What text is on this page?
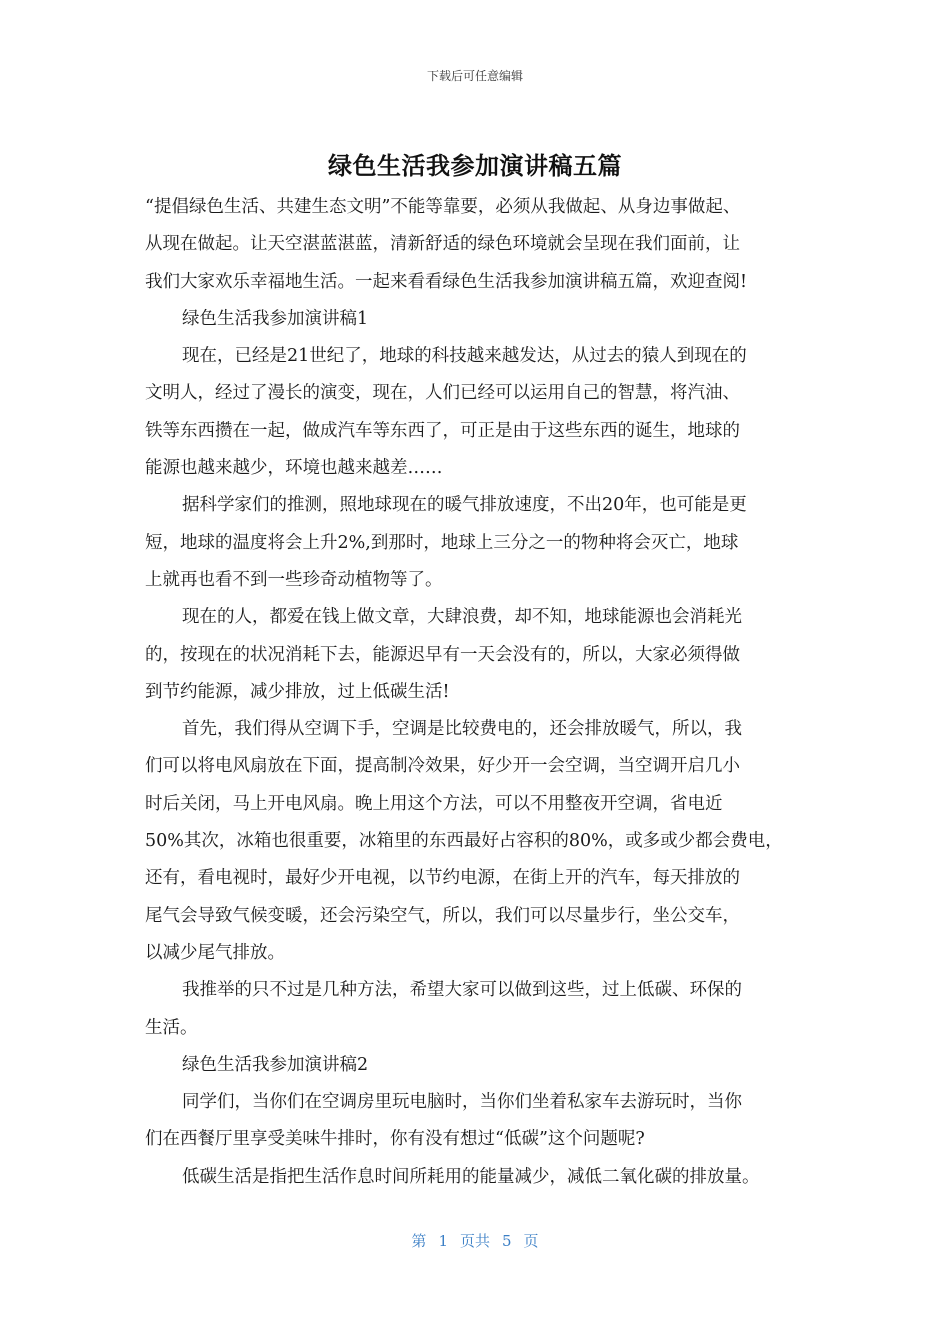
下载后可任意编辑
绿色生活我参加演讲稿五篇
“提倡绿色生活、共建生态文明”不能等靠要，必须从我做起、从身边事做起、
从现在做起。让天空湛蓝湛蓝，清新舒适的绿色环境就会呈现在我们面前，让
我们大家欢乐幸福地生活。一起来看看绿色生活我参加演讲稿五篇，欢迎查阅!
绿色生活我参加演讲稿1
现在，已经是21世纪了，地球的科技越来越发达，从过去的猿人到现在的
文明人，经过了漫长的演变，现在，人们已经可以运用自己的智慧，将汽油、
铁等东西攒在一起，做成汽车等东西了，可正是由于这些东西的诞生，地球的
能源也越来越少，环境也越来越差……
据科学家们的推测，照地球现在的暖气排放速度，不出20年，也可能是更
短，地球的温度将会上升2%,到那时，地球上三分之一的物种将会灭亡，地球
上就再也看不到一些珍奇动植物等了。
现在的人，都爱在钱上做文章，大肆浪费，却不知，地球能源也会消耗光
的，按现在的状况消耗下去，能源迟早有一天会没有的，所以，大家必须得做
到节约能源，减少排放，过上低碳生活!
首先，我们得从空调下手，空调是比较费电的，还会排放暖气，所以，我
们可以将电风扇放在下面，提高制冷效果，好少开一会空调，当空调开启几小
时后关闭，马上开电风扇。晚上用这个方法，可以不用整夜开空调，省电近
50%其次，冰箱也很重要，冰箱里的东西最好占容积的80%，或多或少都会费电，
还有，看电视时，最好少开电视，以节约电源，在街上开的汽车，每天排放的
尾气会导致气候变暖，还会污染空气，所以，我们可以尽量步行，坐公交车，
以减少尾气排放。
我推举的只不过是几种方法，希望大家可以做到这些，过上低碳、环保的
生活。
绿色生活我参加演讲稿2
同学们，当你们在空调房里玩电脑时，当你们坐着私家车去游玩时，当你
们在西餐厅里享受美味牛排时，你有没有想过“低碳”这个问题呢?
低碳生活是指把生活作息时间所耗用的能量减少，减低二氧化碳的排放量。
第 1 页共 5 页
